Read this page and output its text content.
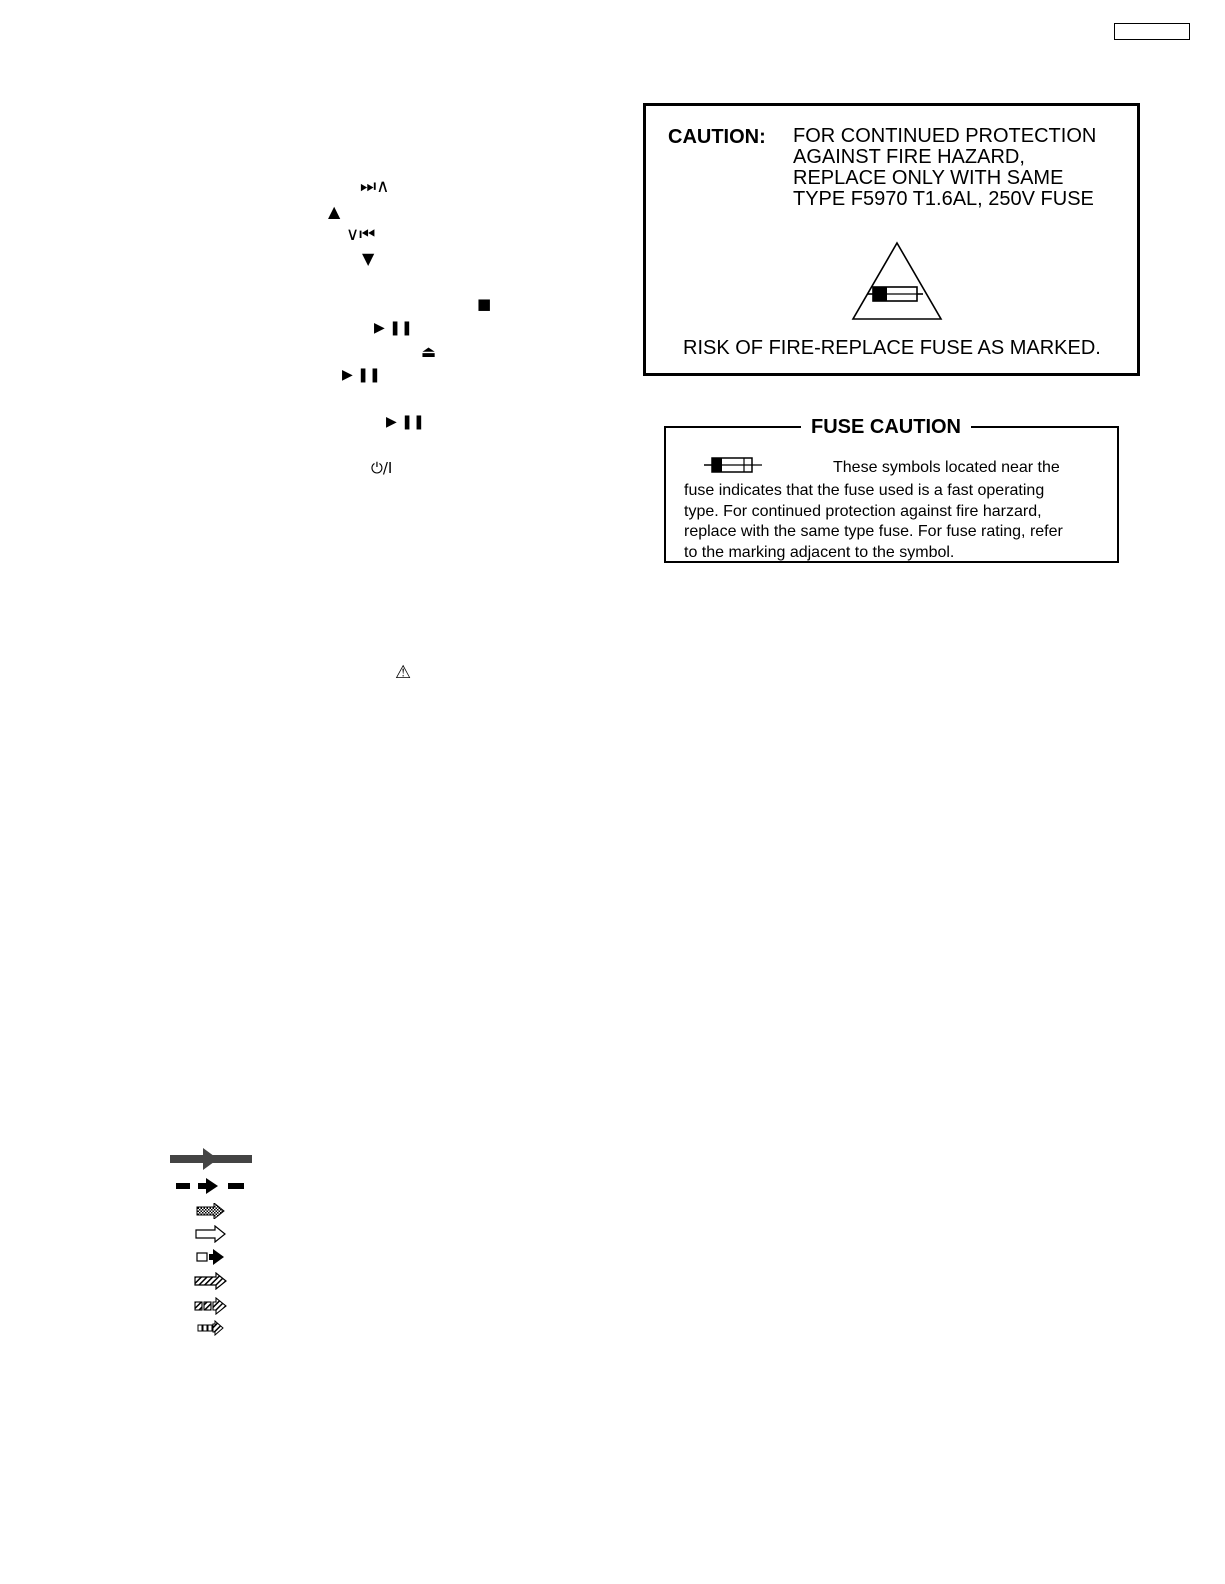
⏭∧
▲
∨⏮
▼
■
▶ ❚❚
⏏
▶ ❚❚
▶ ❚❚
⏻/I
⚠
CAUTION: FOR CONTINUED PROTECTION
AGAINST FIRE HAZARD,
REPLACE ONLY WITH SAME
TYPE F5970 T1.6AL, 250V FUSE
RISK OF FIRE-REPLACE FUSE AS MARKED.
FUSE CAUTION
These symbols located near the
fuse indicates that the fuse used is a fast operating
type. For continued protection against fire harzard,
replace with the same type fuse. For fuse rating, refer
to the marking adjacent to the symbol.
